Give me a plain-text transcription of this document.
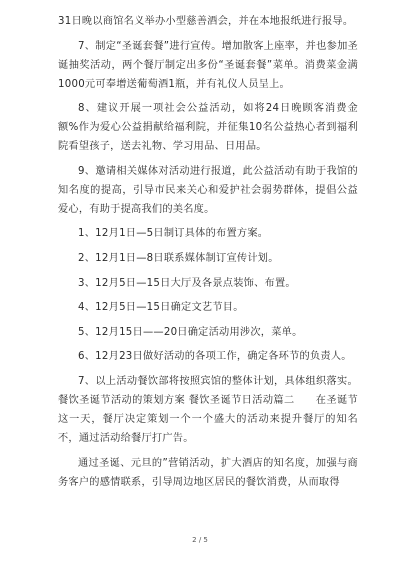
31日晚以商馆名义举办小型慈善酒会，并在本地报纸进行报导。

7、制定“圣诞套餐”进行宣传。增加散客上座率，并也参加圣诞抽奖活动，两个餐厅制定出多份“圣诞套餐”菜单。消费菜金满1000元可奉增送葡萄酒1瓶，并有礼仪人员呈上。

8、建议开展一项社会公益活动，如将24日晚顾客消费金额%作为爱心公益捐献给福利院，并征集10名公益热心者到福利院看望孩子，送去礼物、学习用品、日用品。

9、邀请相关媒体对活动进行报道，此公益活动有助于我馆的知名度的提高，引导市民来关心和爱护社会弱势群体，提倡公益爱心，有助于提高我们的美名度。

1、12月1日—5日制订具体的布置方案。

2、12月1日—8日联系媒体制订宣传计划。

3、12月5日—15日大厅及各景点装饰、布置。

4、12月5日—15日确定文艺节目。

5、12月15日——20日确定活动用涉次，菜单。

6、12月23日做好活动的各项工作，确定各环节的负责人。

7、以上活动餐饮部将按照宾馆的整体计划，具体组织落实。餐饮圣诞节活动的策划方案 餐饮圣诞节日活动篇二　　在圣诞节这一天，餐厅决定策划一个一个盛大的活动来提升餐厅的知名不，通过活动给餐厅打广告。

通过圣诞、元旦的”营销活动，扩大酒店的知名度，加强与商务客户的感情联系，引导周边地区居民的餐饮消费，从而取得

2 / 5
